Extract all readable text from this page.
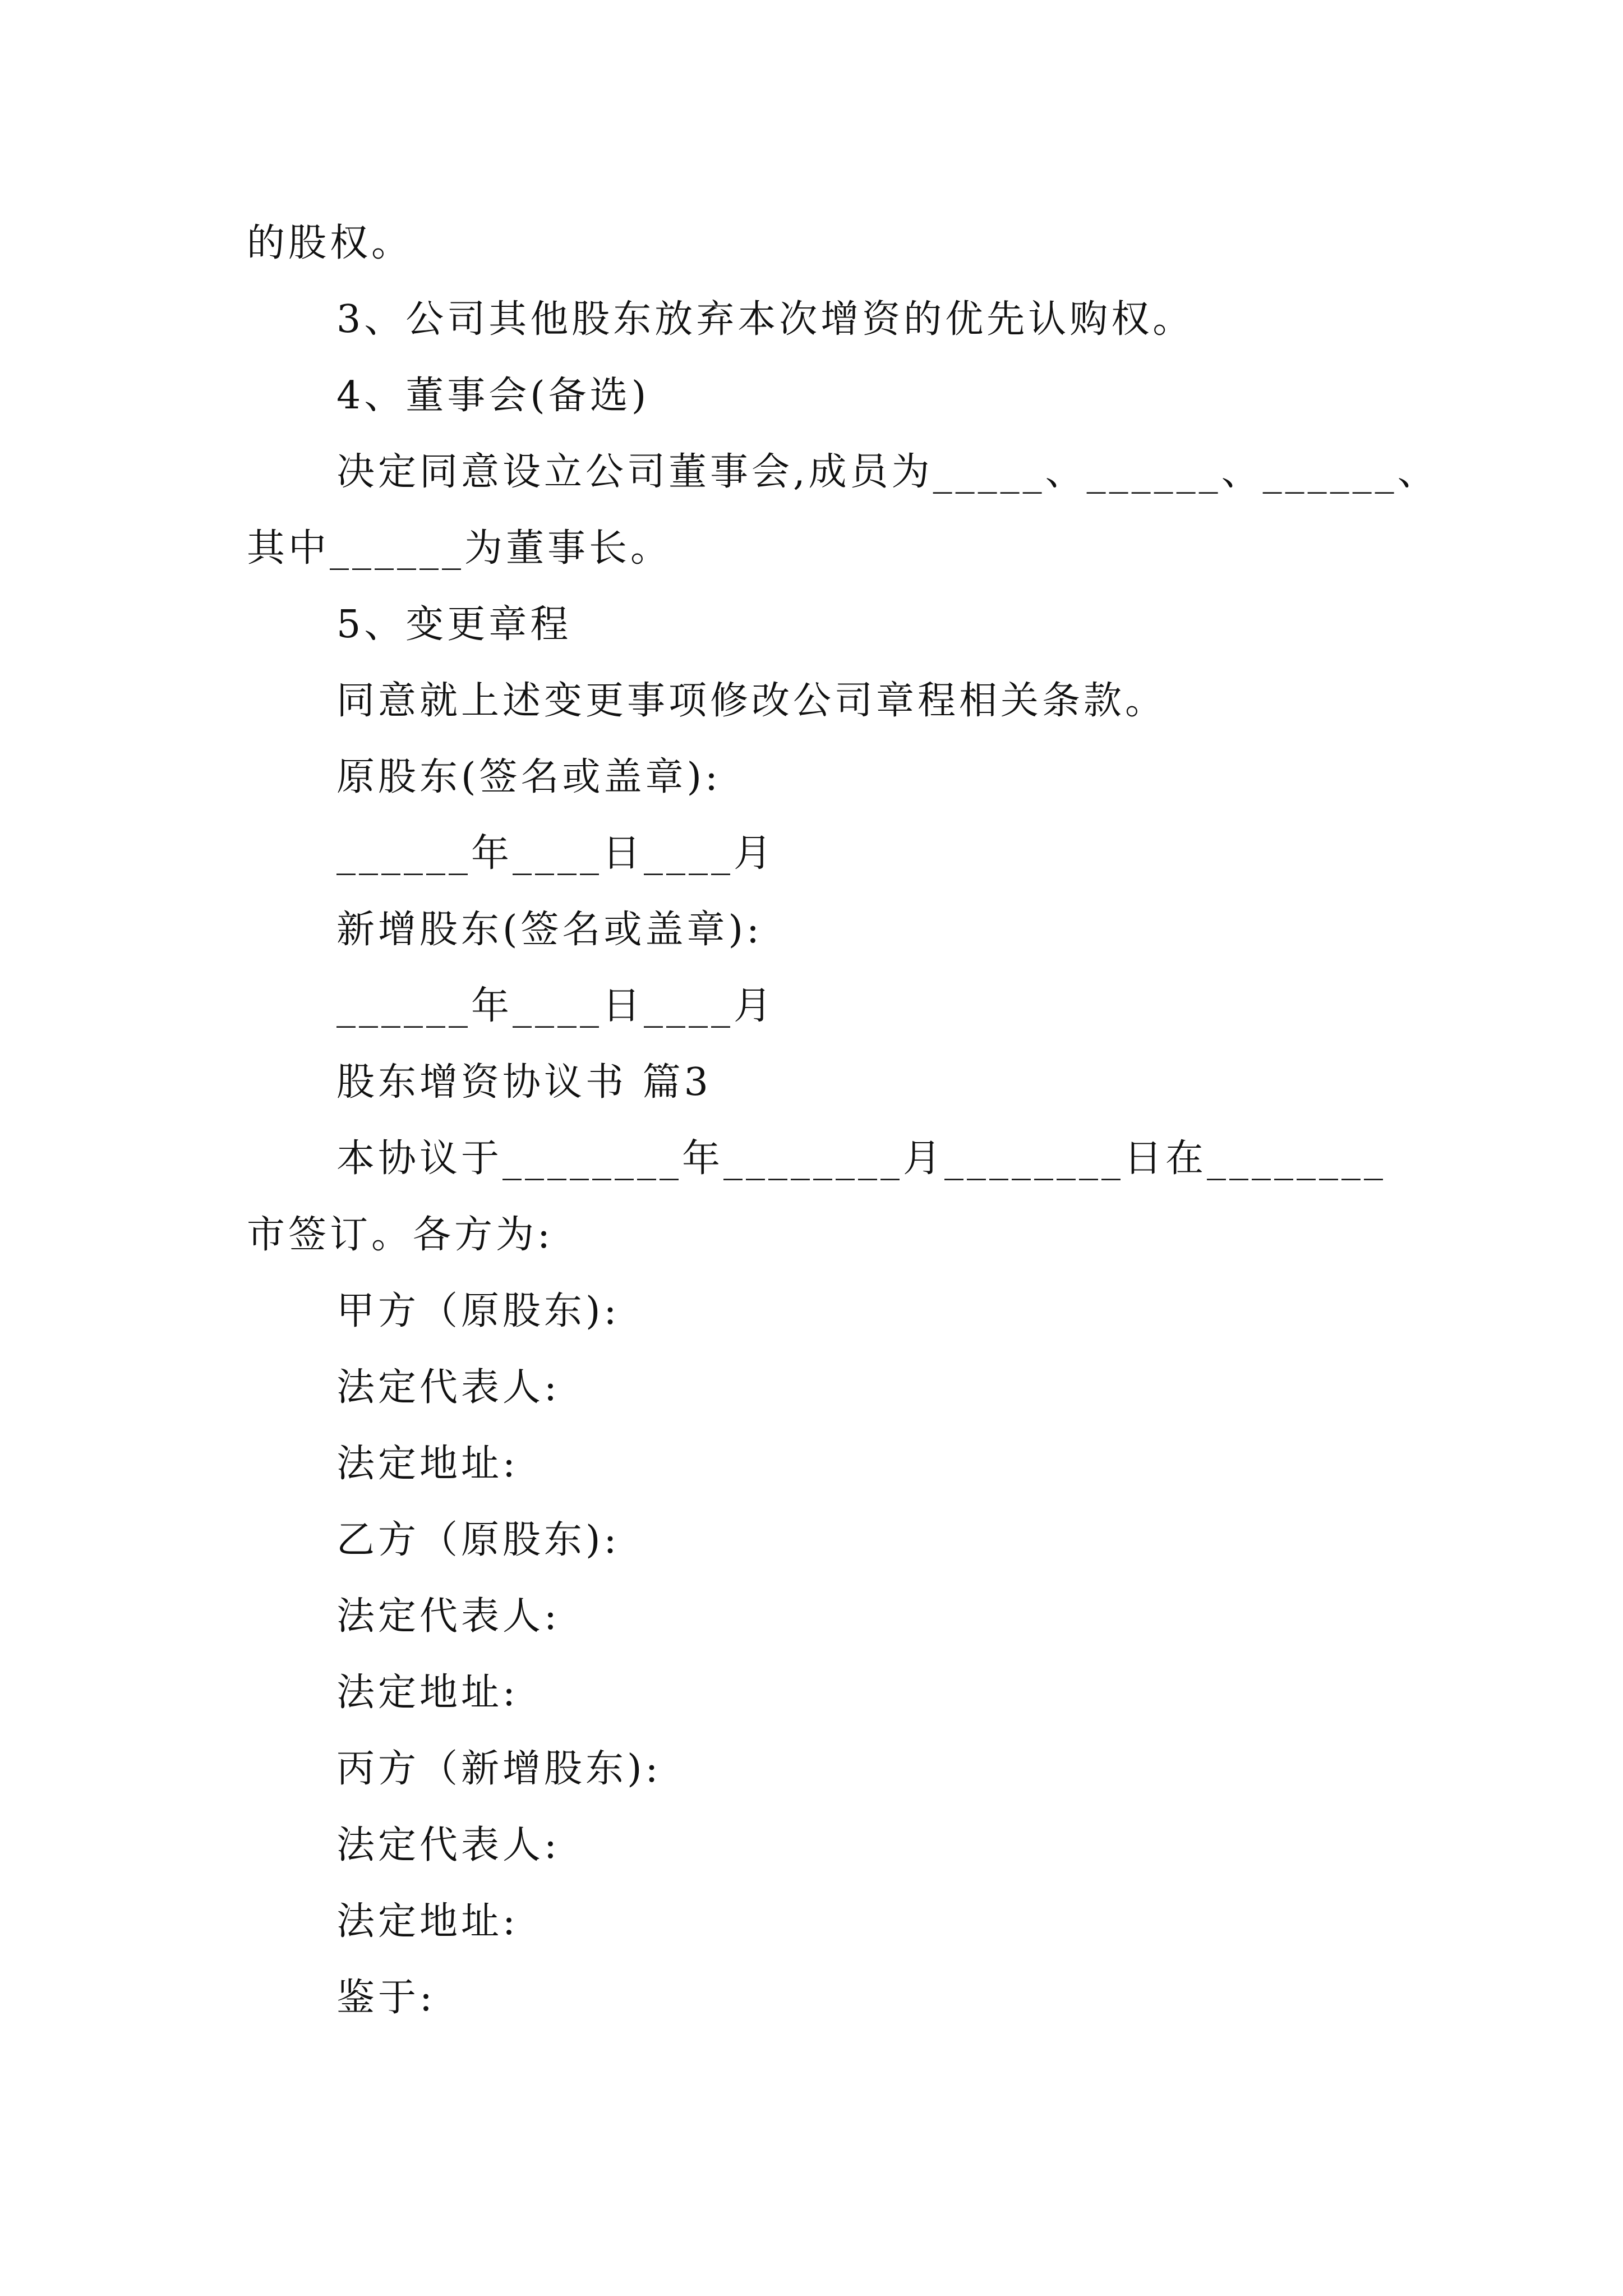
的股权。
3、公司其他股东放弃本次增资的优先认购权。
4、董事会(备选)
决定同意设立公司董事会,成员为_____、______、______、
其中______为董事长。
5、变更章程
同意就上述变更事项修改公司章程相关条款。
原股东(签名或盖章):
______年____日____月
新增股东(签名或盖章):
______年____日____月
股东增资协议书 篇3
本协议于________年________月________日在________
市签订。各方为:
甲方（原股东):
法定代表人:
法定地址:
乙方（原股东):
法定代表人:
法定地址:
丙方（新增股东):
法定代表人:
法定地址:
鉴于:
